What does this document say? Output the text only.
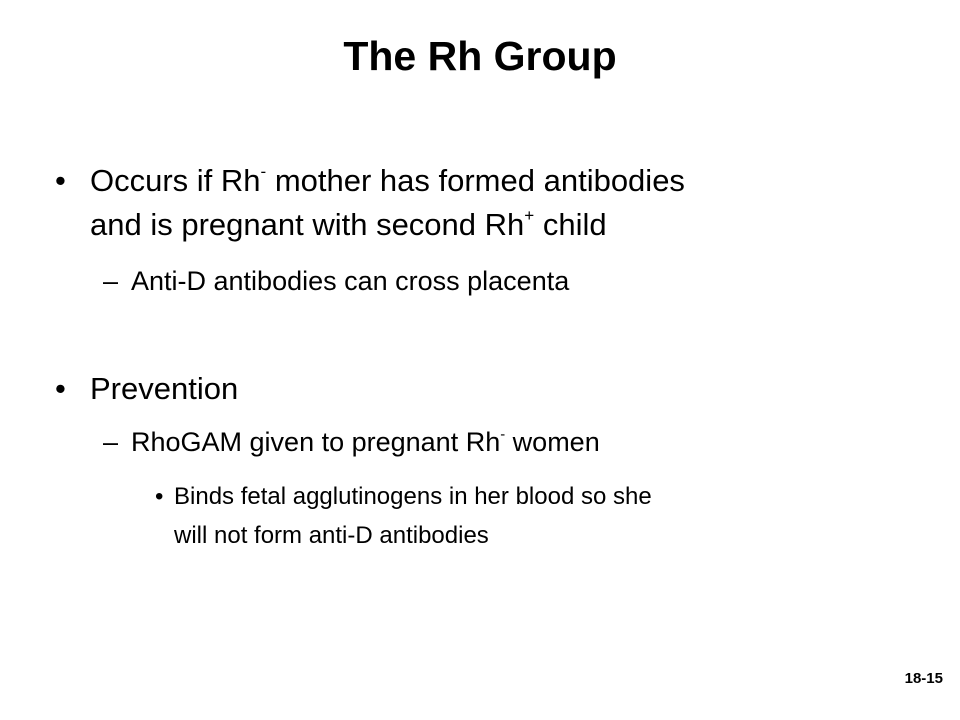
The Rh Group
• Occurs if Rh- mother has formed antibodies
and is pregnant with second Rh+ child
– Anti-D antibodies can cross placenta
• Prevention
– RhoGAM given to pregnant Rh- women
• Binds fetal agglutinogens in her blood so she
will not form anti-D antibodies
18-15
